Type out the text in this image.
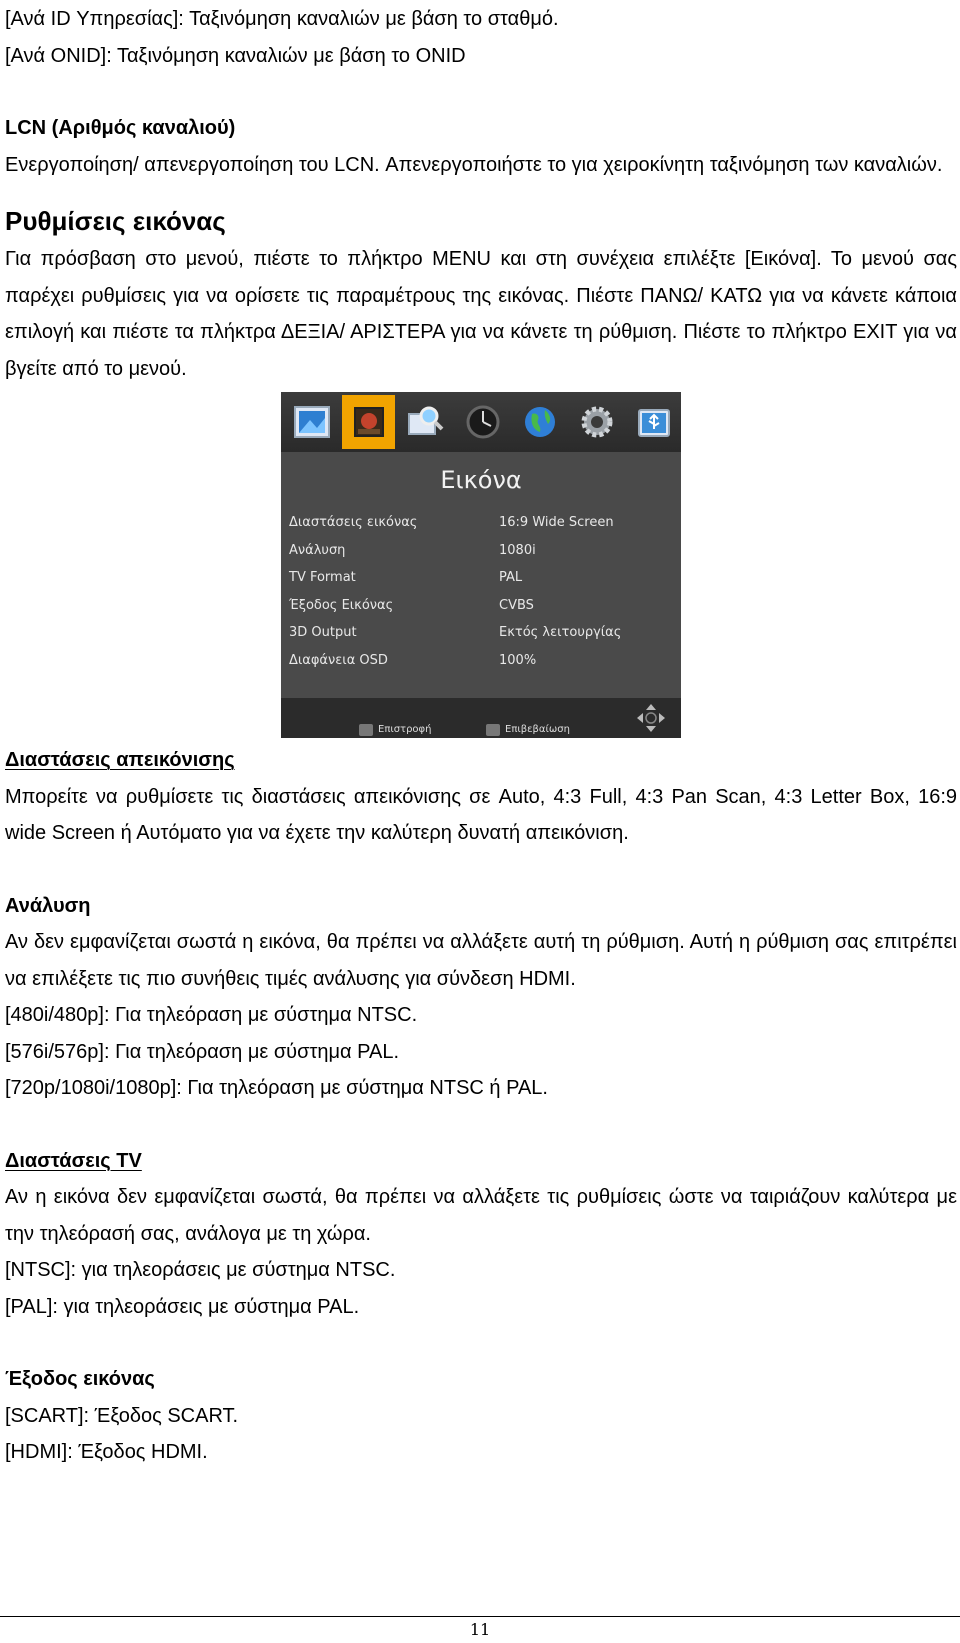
[Ανά ID Υπηρεσίας]: Ταξινόμηση καναλιών με βάση το σταθμό.

[Ανά ONID]: Ταξινόμηση καναλιών με βάση το ONID

LCN (Αριθμός καναλιού)

Ενεργοποίηση/ απενεργοποίηση του LCN. Απενεργοποιήστε το για χειροκίνητη ταξινόμηση των καναλιών.

Ρυθμίσεις εικόνας

Για πρόσβαση στο μενού, πιέστε το πλήκτρο MENU και στη συνέχεια επιλέξτε [Εικόνα]. Το μενού σας παρέχει ρυθμίσεις για να ορίσετε τις παραμέτρους της εικόνας. Πιέστε ΠΑΝΩ/ ΚΑΤΩ για να κάνετε κάποια επιλογή και πιέστε τα πλήκτρα ΔΕΞΙΑ/ ΑΡΙΣΤΕΡΑ για να κάνετε τη ρύθμιση. Πιέστε το πλήκτρο EXIT για να βγείτε από το μενού.

Εικόνα
Διαστάσεις εικόνας	16:9 Wide Screen
Ανάλυση	1080i
TV Format	PAL
Έξοδος Εικόνας	CVBS
3D Output	Εκτός λειτουργίας
Διαφάνεια OSD	100%
Επιστροφή	Επιβεβαίωση

Διαστάσεις απεικόνισης

Μπορείτε να ρυθμίσετε τις διαστάσεις απεικόνισης σε Auto, 4:3 Full, 4:3 Pan Scan, 4:3 Letter Box, 16:9 wide Screen ή Αυτόματο για να έχετε την καλύτερη δυνατή απεικόνιση.

Ανάλυση

Αν δεν εμφανίζεται σωστά η εικόνα, θα πρέπει να αλλάξετε αυτή τη ρύθμιση. Αυτή η ρύθμιση σας επιτρέπει να επιλέξετε τις πιο συνήθεις τιμές ανάλυσης για σύνδεση HDMI.

[480i/480p]: Για τηλεόραση με σύστημα NTSC.

[576i/576p]: Για τηλεόραση με σύστημα PAL.

[720p/1080i/1080p]: Για τηλεόραση με σύστημα NTSC ή PAL.

Διαστάσεις TV

Αν η εικόνα δεν εμφανίζεται σωστά, θα πρέπει να αλλάξετε τις ρυθμίσεις ώστε να ταιριάζουν καλύτερα με την τηλεόρασή σας, ανάλογα με τη χώρα.

[NTSC]: για τηλεοράσεις με σύστημα NTSC.

[PAL]: για τηλεοράσεις με σύστημα PAL.

Έξοδος εικόνας

[SCART]: Έξοδος SCART.

[HDMI]: Έξοδος HDMI.

11
